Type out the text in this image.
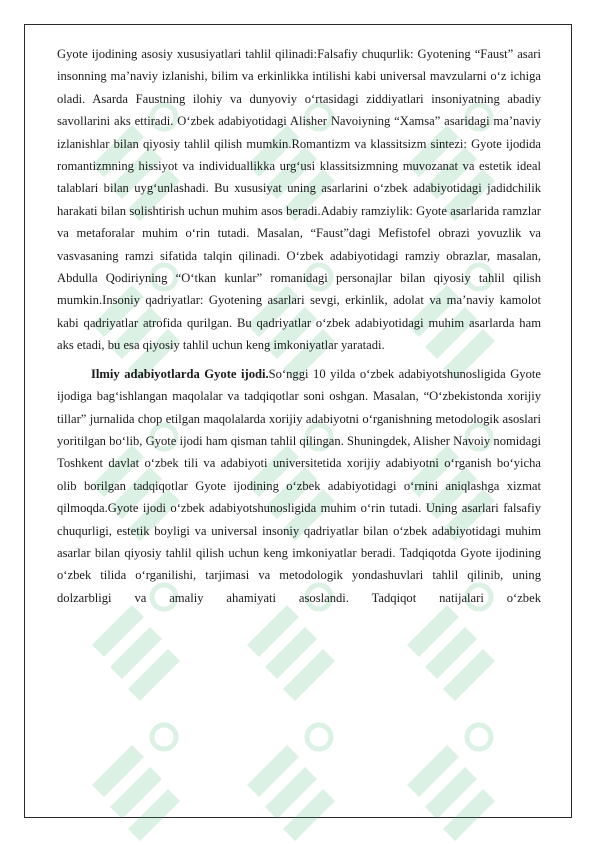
Gyote ijodining asosiy xususiyatlari tahlil qilinadi:Falsafiy chuqurlik: Gyotening “Faust” asari insonning ma’naviy izlanishi, bilim va erkinlikka intilishi kabi universal mavzularni o‘z ichiga oladi. Asarda Faustning ilohiy va dunyoviy o‘rtasidagi ziddiyatlari insoniyatning abadiy savollarini aks ettiradi. O‘zbek adabiyotidagi Alisher Navoiyning “Xamsa” asaridagi ma’naviy izlanishlar bilan qiyosiy tahlil qilish mumkin.Romantizm va klassitsizm sintezi: Gyote ijodida romantizmning hissiyot va individuallikka urg‘usi klassitsizmning muvozanat va estetik ideal talablari bilan uyg‘unlashadi. Bu xususiyat uning asarlarini o‘zbek adabiyotidagi jadidchilik harakati bilan solishtirish uchun muhim asos beradi.Adabiy ramziylik: Gyote asarlarida ramzlar va metaforalar muhim o‘rin tutadi. Masalan, “Faust”dagi Mefistofel obrazi yovuzlik va vasvasaning ramzi sifatida talqin qilinadi. O‘zbek adabiyotidagi ramziy obrazlar, masalan, Abdulla Qodiriyning “O‘tkan kunlar” romanidagi personajlar bilan qiyosiy tahlil qilish mumkin.Insoniy qadriyatlar: Gyotening asarlari sevgi, erkinlik, adolat va ma’naviy kamolot kabi qadriyatlar atrofida qurilgan. Bu qadriyatlar o‘zbek adabiyotidagi muhim asarlarda ham aks etadi, bu esa qiyosiy tahlil uchun keng imkoniyatlar yaratadi.

Ilmiy adabiyotlarda Gyote ijodi.So‘nggi 10 yilda o‘zbek adabiyotshunosligida Gyote ijodiga bag‘ishlangan maqolalar va tadqiqotlar soni oshgan. Masalan, “O‘zbekistonda xorijiy tillar” jurnalida chop etilgan maqolalarda xorijiy adabiyotni o‘rganishning metodologik asoslari yoritilgan bo‘lib, Gyote ijodi ham qisman tahlil qilingan. Shuningdek, Alisher Navoiy nomidagi Toshkent davlat o‘zbek tili va adabiyoti universitetida xorijiy adabiyotni o‘rganish bo‘yicha olib borilgan tadqiqotlar Gyote ijodining o‘zbek adabiyotidagi o‘rnini aniqlashga xizmat qilmoqda.Gyote ijodi o‘zbek adabiyotshunosligida muhim o‘rin tutadi. Uning asarlari falsafiy chuqurligi, estetik boyligi va universal insoniy qadriyatlar bilan o‘zbek adabiyotidagi muhim asarlar bilan qiyosiy tahlil qilish uchun keng imkoniyatlar beradi. Tadqiqotda Gyote ijodining o‘zbek tilida o‘rganilishi, tarjimasi va metodologik yondashuvlari tahlil qilinib, uning dolzarbligi va amaliy ahamiyati asoslandi. Tadqiqot natijalari o‘zbek
